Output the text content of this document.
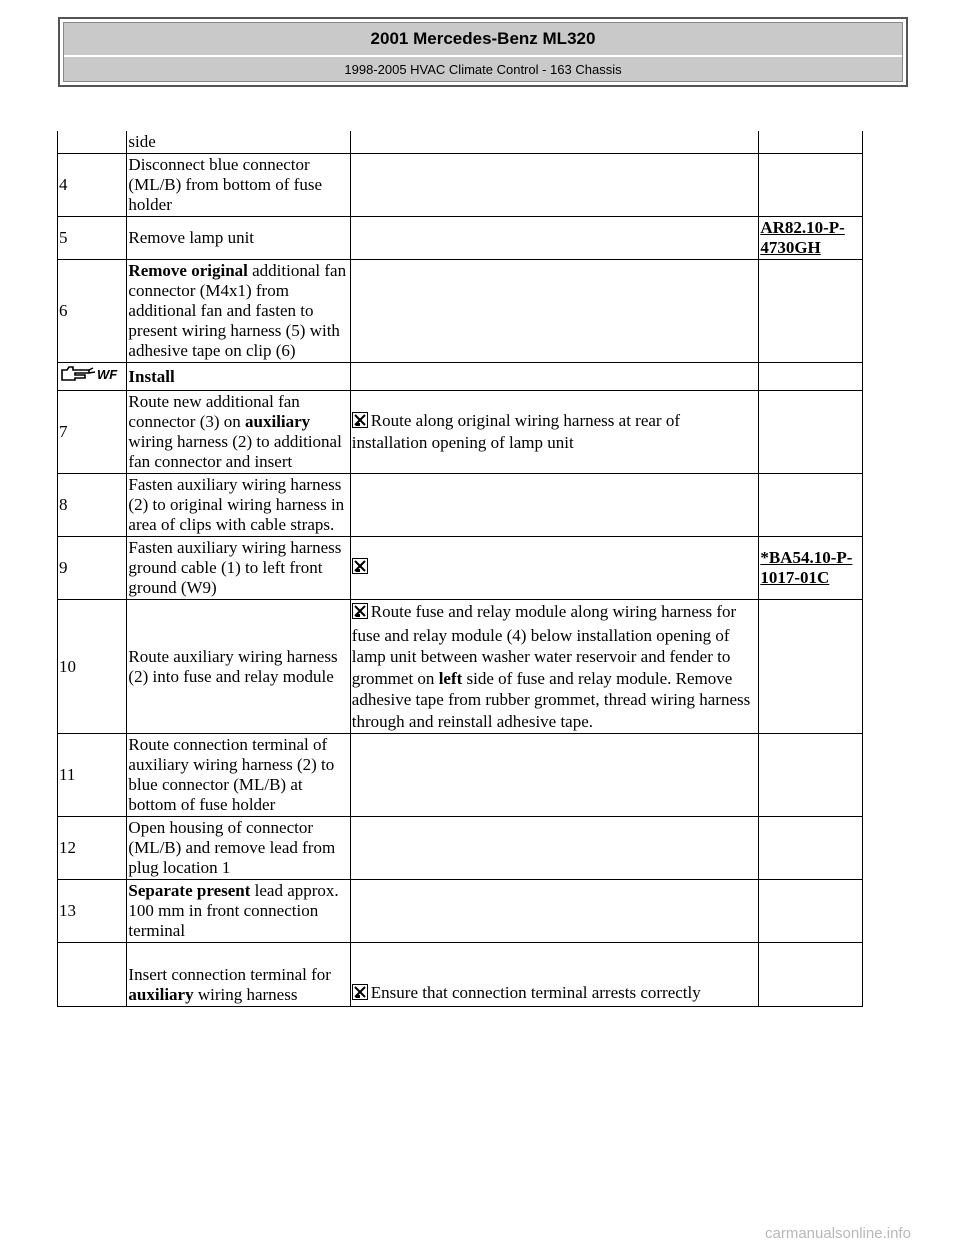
2001 Mercedes-Benz ML320
1998-2005 HVAC Climate Control - 163 Chassis
	side		
4	Disconnect blue connector (ML/B) from bottom of fuse holder		
5	Remove lamp unit		AR82.10-P-4730GH
6	Remove original additional fan connector (M4x1) from additional fan and fasten to present wiring harness (5) with adhesive tape on clip (6)		

WF	Install		
7	Route new additional fan connector (3) on auxiliary wiring harness (2) to additional fan connector and insert	Route along original wiring harness at rear of installation opening of lamp unit	
8	Fasten auxiliary wiring harness (2) to original wiring harness in area of clips with cable straps.		
9	Fasten auxiliary wiring harness ground cable (1) to left front ground (W9)		*BA54.10-P-1017-01C
10	Route auxiliary wiring harness (2) into fuse and relay module	Route fuse and relay module along wiring harness for fuse and relay module (4) below installation opening of lamp unit between washer water reservoir and fender to grommet on left side of fuse and relay module. Remove adhesive tape from rubber grommet, thread wiring harness through and reinstall adhesive tape.	
11	Route connection terminal of auxiliary wiring harness (2) to blue connector (ML/B) at bottom of fuse holder		
12	Open housing of connector (ML/B) and remove lead from plug location 1		
13	Separate present lead approx. 100 mm in front connection terminal		
	Insert connection terminal for auxiliary wiring harness	Ensure that connection terminal arrests correctly	
carmanualsonline.info
